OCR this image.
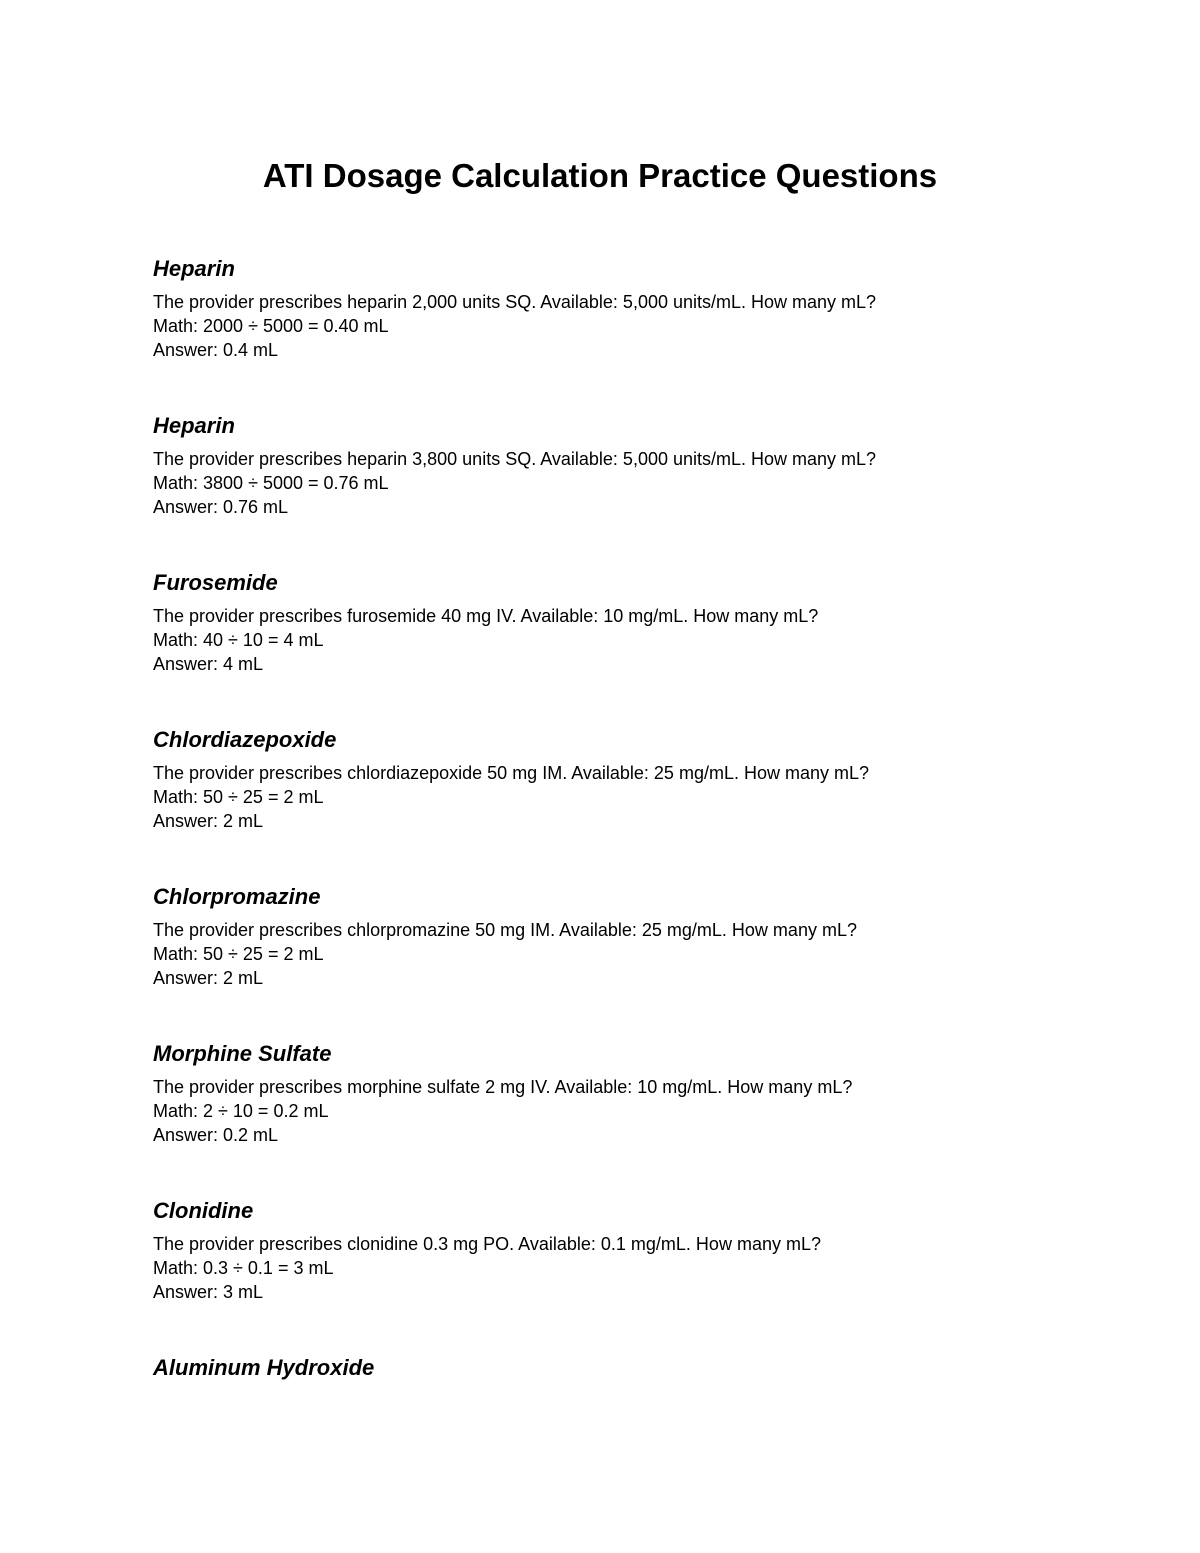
ATI Dosage Calculation Practice Questions
Heparin

The provider prescribes heparin 2,000 units SQ. Available: 5,000 units/mL. How many mL?

Math: 2000 ÷ 5000 = 0.40 mL

Answer: 0.4 mL

Heparin

The provider prescribes heparin 3,800 units SQ. Available: 5,000 units/mL. How many mL?

Math: 3800 ÷ 5000 = 0.76 mL

Answer: 0.76 mL

Furosemide

The provider prescribes furosemide 40 mg IV. Available: 10 mg/mL. How many mL?

Math: 40 ÷ 10 = 4 mL

Answer: 4 mL

Chlordiazepoxide

The provider prescribes chlordiazepoxide 50 mg IM. Available: 25 mg/mL. How many mL?

Math: 50 ÷ 25 = 2 mL

Answer: 2 mL

Chlorpromazine

The provider prescribes chlorpromazine 50 mg IM. Available: 25 mg/mL. How many mL?

Math: 50 ÷ 25 = 2 mL

Answer: 2 mL

Morphine Sulfate

The provider prescribes morphine sulfate 2 mg IV. Available: 10 mg/mL. How many mL?

Math: 2 ÷ 10 = 0.2 mL

Answer: 0.2 mL

Clonidine

The provider prescribes clonidine 0.3 mg PO. Available: 0.1 mg/mL. How many mL?

Math: 0.3 ÷ 0.1 = 3 mL

Answer: 3 mL

Aluminum Hydroxide
